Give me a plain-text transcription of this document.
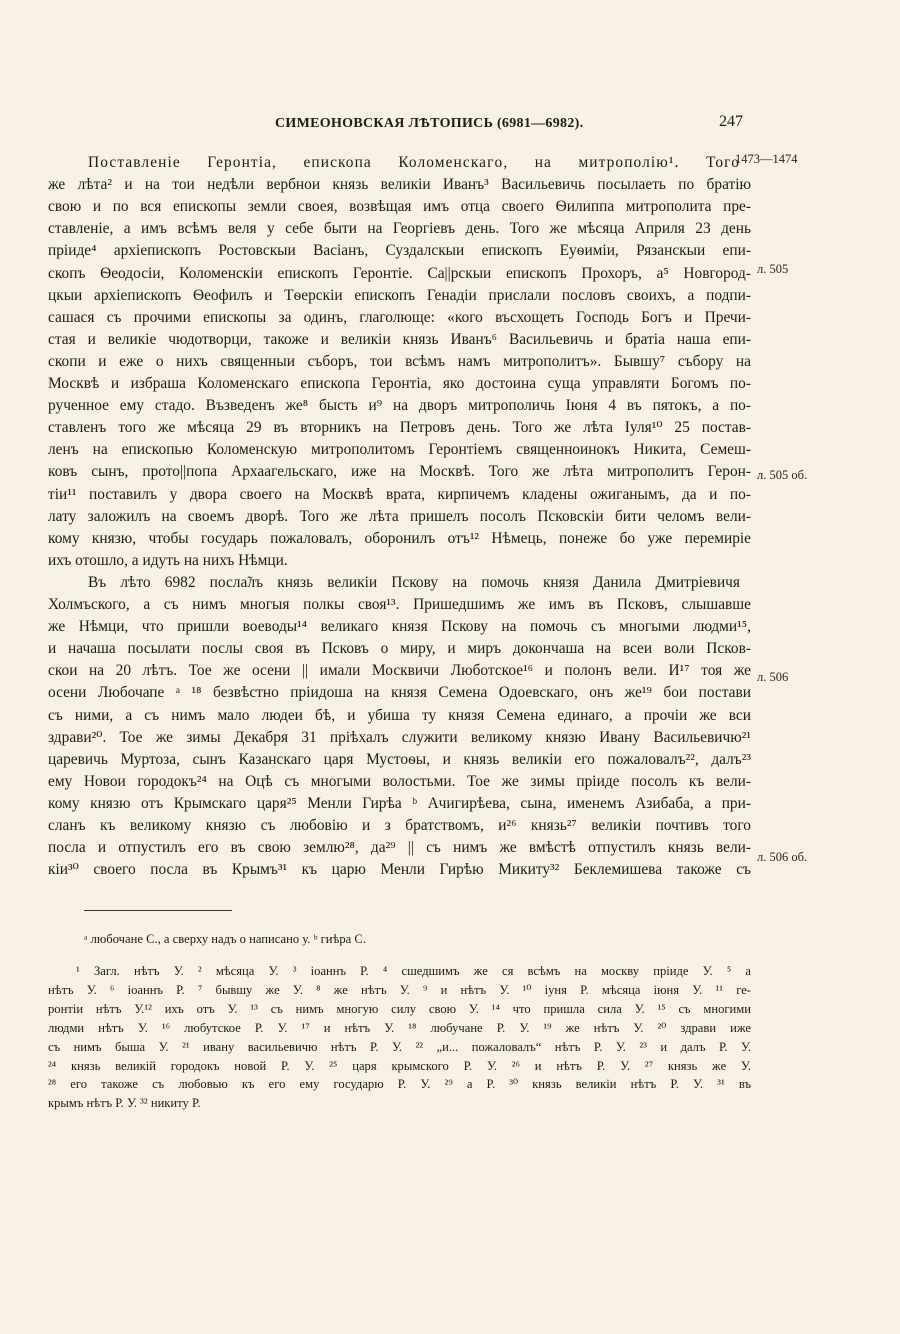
СИМЕОНОВСКАЯ ЛѢТОПИСЬ (6981—6982).	247
Поставленіе Геронтіа, епископа Коломенскагo, на митрополію¹. Того
же лѣта² и на тои недѣли вербнои князь великіи Иванъ³ Васильевичь посылаеть по братію
свою и по вся епископы земли своея, возвѣщая имъ отца своего Ѳилиппа митрополита пре-
ставленіе, а имъ всѣмъ веля у себе быти на Георгіевъ день. Того же мѣсяца Априля 23 день
пріиде⁴ архіепископъ Ростовскыи Васіанъ, Суздалскыи епископъ Еуѳиміи, Рязанскыи епи-
скопъ Ѳеодосіи, Коломенскіи епископъ Геронтіе. Са||рскыи епископъ Прохоръ, а⁵ Новгород-
цкыи архіепископъ Ѳеофилъ и Тѳерскіи епископъ Генадіи прислали пословъ своихъ, а подпи-
сашася съ прочими епископы за одинъ, глаголюще: «кого въсхощеть Господь Богъ и Пречи-
стая и великіе чюдотворци, такоже и великіи князь Иванъ⁶ Васильевичь и братіа наша епи-
скопи и еже о нихъ священныи съборъ, тои всѣмъ намъ митрополитъ». Бывшу⁷ събору на
Москвѣ и избраша Коломенскаго епископа Геронтіа, яко достоина суща управляти Богомъ по-
рученное ему стадо. Възведенъ же⁸ бысть и⁹ на дворъ митрополичь Іюня 4 въ пятокъ, а по-
ставленъ того же мѣсяца 29 въ вторникъ на Петровъ день. Того же лѣта Іуля¹⁰ 25 постав-
ленъ на епископью Коломенскую митрополитомъ Геронтіемъ священноинокъ Никита, Семеш-
ковъ сынъ, прото||попа Архаагельскаго, иже на Москвѣ. Того же лѣта митрополитъ Герон-
тіи¹¹ поставилъ у двора своего на Москвѣ врата, кирпичемъ кладены ожиганымъ, да и по-
лату заложилъ на своемъ дворѣ. Того же лѣта пришелъ посолъ Псковскіи бити челомъ вели-
кому князю, чтобы государь пожаловалъ, оборонилъ отъ¹² Нѣмець, понеже бо уже перемиріе
ихъ отошло, а идуть на нихъ Нѣмци.
Въ лѣто 6982 посла̃лъ князь великіи Пскову на помочь князя Данила Дмитріевичя
Холмъского, а съ нимъ многыя полкы своя¹³. Пришедшимъ же имъ въ Псковъ, слышавше
же Нѣмци, что пришли воеводы¹⁴ великаго князя Пскову на помочь съ многыми людми¹⁵,
и начаша посылати послы своя въ Псковъ о миру, и миръ докончаша на всеи воли Псков-
скои на 20 лѣтъ. Тое же осени || имали Москвичи Люботское¹⁶ и полонъ вели. И¹⁷ тоя же
осени Любочапе ᵃ ¹⁸ безвѣстно пріидоша на князя Семена Одоевскаго, онъ же¹⁹ бои постави
съ ними, а съ нимъ мало людеи бѣ, и убиша ту князя Семена единаго, а прочіи же вси
здрави²⁰. Тое же зимы Декабря 31 пріѣхалъ служити великому князю Ивану Васильевичю²¹
царевичь Муртоза, сынъ Казанскаго царя Мустоѳы, и князь великіи его пожаловалъ²², далъ²³
ему Новои городокъ²⁴ на Оцѣ съ многыми волостьми. Тое же зимы пріиде посолъ къ вели-
кому князю отъ Крымскаго царя²⁵ Менли Гирѣа ᵇ Ачигирѣева, сына, именемъ Азибаба, а при-
сланъ къ великому князю съ любовію и з братствомъ, и²⁶ князь²⁷ великіи почтивъ того
посла и отпустилъ его въ свою землю²⁸, да²⁹ || съ нимъ же вмѣстѣ отпустилъ князь вели-
кіи³⁰ своего посла въ Крымъ³¹ къ царю Менли Гирѣю Микиту³² Беклемишева такоже съ
1473—1474
л. 505
л. 505 об.
л. 506
л. 506 об.
ᵃ любочане С., а сверху надъ о написано у. ᵇ гиѣра С.
¹ Загл. нѣтъ У. ² мѣсяца У. ³ іоаннъ Р. ⁴ сшедшимъ же ся всѣмъ на москву пріиде У. ⁵ а
нѣтъ У. ⁶ іоаннъ Р. ⁷ бывшу же У. ⁸ же нѣтъ У. ⁹ и нѣтъ У. ¹⁰ іуня Р. мѣсяца іюня У. ¹¹ ге-
ронтіи нѣтъ У.¹² ихъ отъ У. ¹³ съ нимъ многую силу свою У. ¹⁴ что пришла сила У. ¹⁵ съ многими
людми нѣтъ У. ¹⁶ любутское Р. У. ¹⁷ и нѣтъ У. ¹⁸ любучане Р. У. ¹⁹ же нѣтъ У. ²⁰ здрави иже
съ нимъ быша У. ²¹ ивану васильевичю нѣтъ Р. У. ²² „и... пожаловалъ“ нѣтъ Р. У. ²³ и далъ Р. У.
²⁴ князь великій городокъ новой Р. У. ²⁵ царя крымского Р. У. ²⁶ и нѣтъ Р. У. ²⁷ князь же У.
²⁸ его такоже съ любовью къ его ему государю Р. У. ²⁹ а Р. ³⁰ князь великіи нѣтъ Р. У. ³¹ въ
крымъ нѣтъ Р. У. ³² никиту Р.
